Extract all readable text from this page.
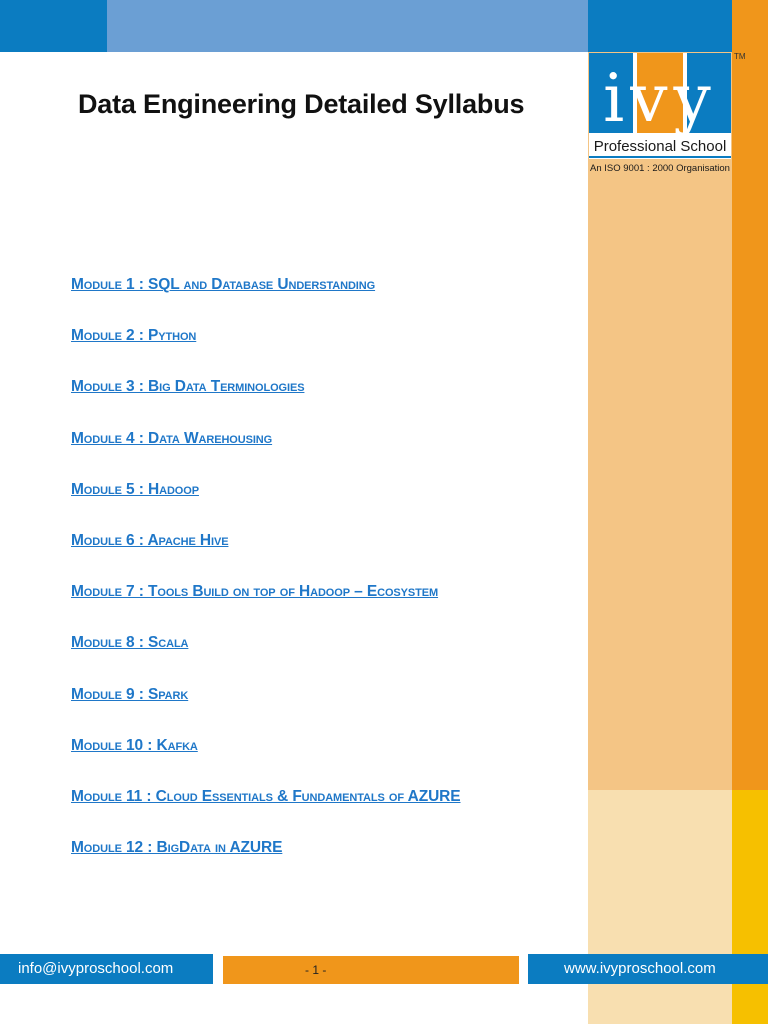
ivy
Professional School
TM
An ISO 9001 : 2000 Organisation
Data Engineering Detailed Syllabus
Module 1 : SQL and Database Understanding
Module 2 : Python
Module 3 : Big Data Terminologies
Module 4 : Data Warehousing
Module 5 : Hadoop
Module 6 : Apache Hive
Module 7 : Tools Build on top of Hadoop – Ecosystem
Module 8 : Scala
Module 9 : Spark
Module 10 : Kafka
Module 11 : Cloud Essentials & Fundamentals of AZURE
Module 12 : BigData in AZURE
info@ivyproschool.com	- 1 -	www.ivyproschool.com
